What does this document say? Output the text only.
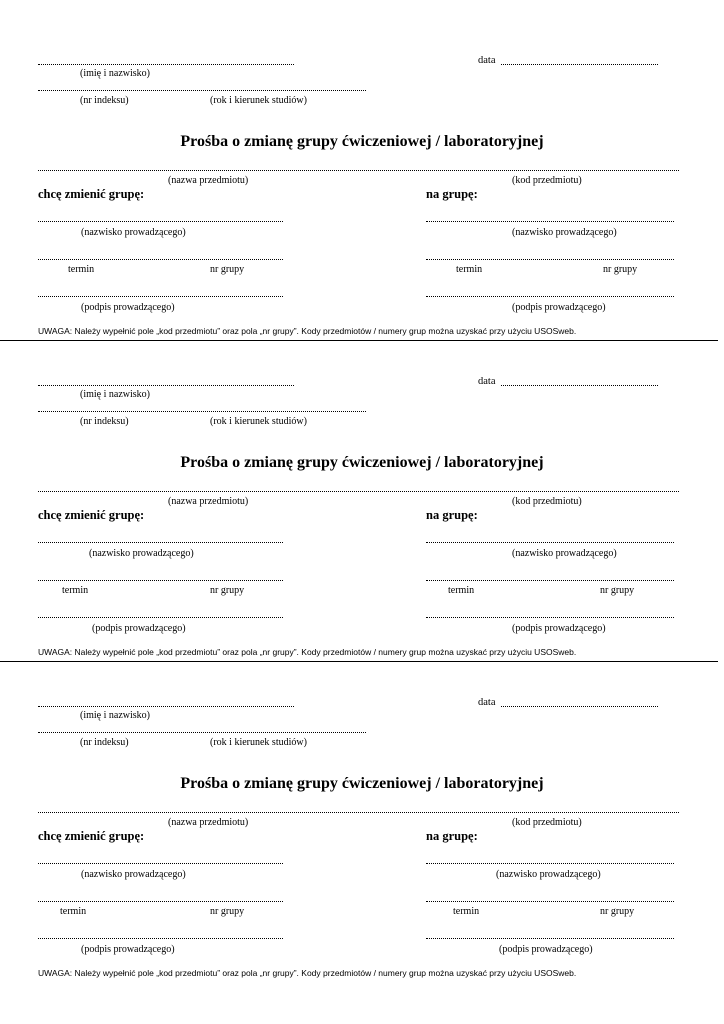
(imię i nazwisko)
data
(nr indeksu)	(rok i kierunek studiów)
Prośba o zmianę grupy ćwiczeniowej / laboratoryjnej
(nazwa przedmiotu)	(kod przedmiotu)
chcę zmienić grupę:	na grupę:
(nazwisko prowadzącego)	(nazwisko prowadzącego)
termin	nr grupy	termin	nr grupy
(podpis prowadzącego)	(podpis prowadzącego)
UWAGA: Należy wypełnić pole „kod przedmiotu” oraz pola „nr grupy”. Kody przedmiotów / numery grup można uzyskać przy użyciu USOSweb.
(imię i nazwisko)
data
(nr indeksu)	(rok i kierunek studiów)
Prośba o zmianę grupy ćwiczeniowej / laboratoryjnej
(nazwa przedmiotu)	(kod przedmiotu)
chcę zmienić grupę:	na grupę:
(nazwisko prowadzącego)	(nazwisko prowadzącego)
termin	nr grupy	termin	nr grupy
(podpis prowadzącego)	(podpis prowadzącego)
UWAGA: Należy wypełnić pole „kod przedmiotu” oraz pola „nr grupy”. Kody przedmiotów / numery grup można uzyskać przy użyciu USOSweb.
(imię i nazwisko)
data
(nr indeksu)	(rok i kierunek studiów)
Prośba o zmianę grupy ćwiczeniowej / laboratoryjnej
(nazwa przedmiotu)	(kod przedmiotu)
chcę zmienić grupę:	na grupę:
(nazwisko prowadzącego)	(nazwisko prowadzącego)
termin	nr grupy	termin	nr grupy
(podpis prowadzącego)	(podpis prowadzącego)
UWAGA: Należy wypełnić pole „kod przedmiotu” oraz pola „nr grupy”. Kody przedmiotów / numery grup można uzyskać przy użyciu USOSweb.
